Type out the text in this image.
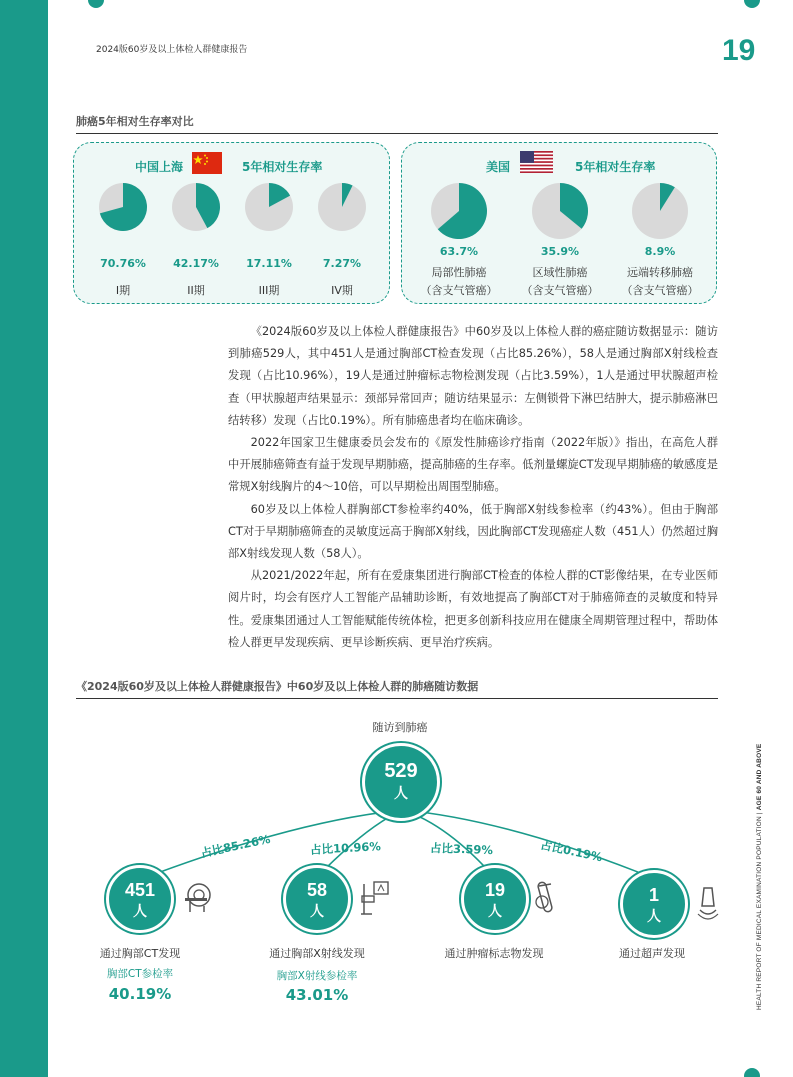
2024版60岁及以上体检人群健康报告	19
肺癌5年相对生存率对比
中国上海	5年相对生存率	美国	5年相对生存率

《2024版60岁及以上体检人群健康报告》中60岁及以上体检人群的癌症随访数据显示：随访到肺癌529人，其中451人是通过胸部CT检查发现（占比85.26%），58人是通过胸部X射线检查发现（占比10.96%），19人是通过肿瘤标志物检测发现（占比3.59%），1人是通过甲状腺超声检查（甲状腺超声结果显示：颈部异常回声；随访结果显示：左侧锁骨下淋巴结肿大，提示肺癌淋巴结转移）发现（占比0.19%）。所有肺癌患者均在临床确诊。

2022年国家卫生健康委员会发布的《原发性肺癌诊疗指南（2022年版）》指出，在高危人群中开展肺癌筛查有益于发现早期肺癌，提高肺癌的生存率。低剂量螺旋CT发现早期肺癌的敏感度是常规X射线胸片的4～10倍，可以早期检出周围型肺癌。

60岁及以上体检人群胸部CT参检率约40%，低于胸部X射线参检率（约43%）。但由于胸部CT对于早期肺癌筛查的灵敏度远高于胸部X射线，因此胸部CT发现癌症人数（451人）仍然超过胸部X射线发现人数（58人）。

从2021/2022年起，所有在爱康集团进行胸部CT检查的体检人群的CT影像结果，在专业医师阅片时，均会有医疗人工智能产品辅助诊断，有效地提高了胸部CT对于肺癌筛查的灵敏度和特异性。爱康集团通过人工智能赋能传统体检，把更多创新科技应用在健康全周期管理过程中，帮助体检人群更早发现疾病、更早诊断疾病、更早治疗疾病。

《2024版60岁及以上体检人群健康报告》中60岁及以上体检人群的肺癌随访数据
随访到肺癌
529
人
占比85.26%	占比10.96%	占比3.59%	占比0.19%
451
人
通过胸部CT发现
胸部CT参检率
40.19%
58
人
通过胸部X射线发现
胸部X射线参检率
43.01%
19
人
通过肿瘤标志物发现
1
人
通过超声发现	HEALTH REPORT OF MEDICAL EXAMINATION POPULATION | AGE 60 AND ABOVE
70.76%
I期
42.17%
II期
17.11%
III期
7.27%
IV期
63.7%
局部性肺癌
（含支气管癌）
35.9%
区域性肺癌
（含支气管癌）
8.9%
远端转移肺癌
（含支气管癌）
